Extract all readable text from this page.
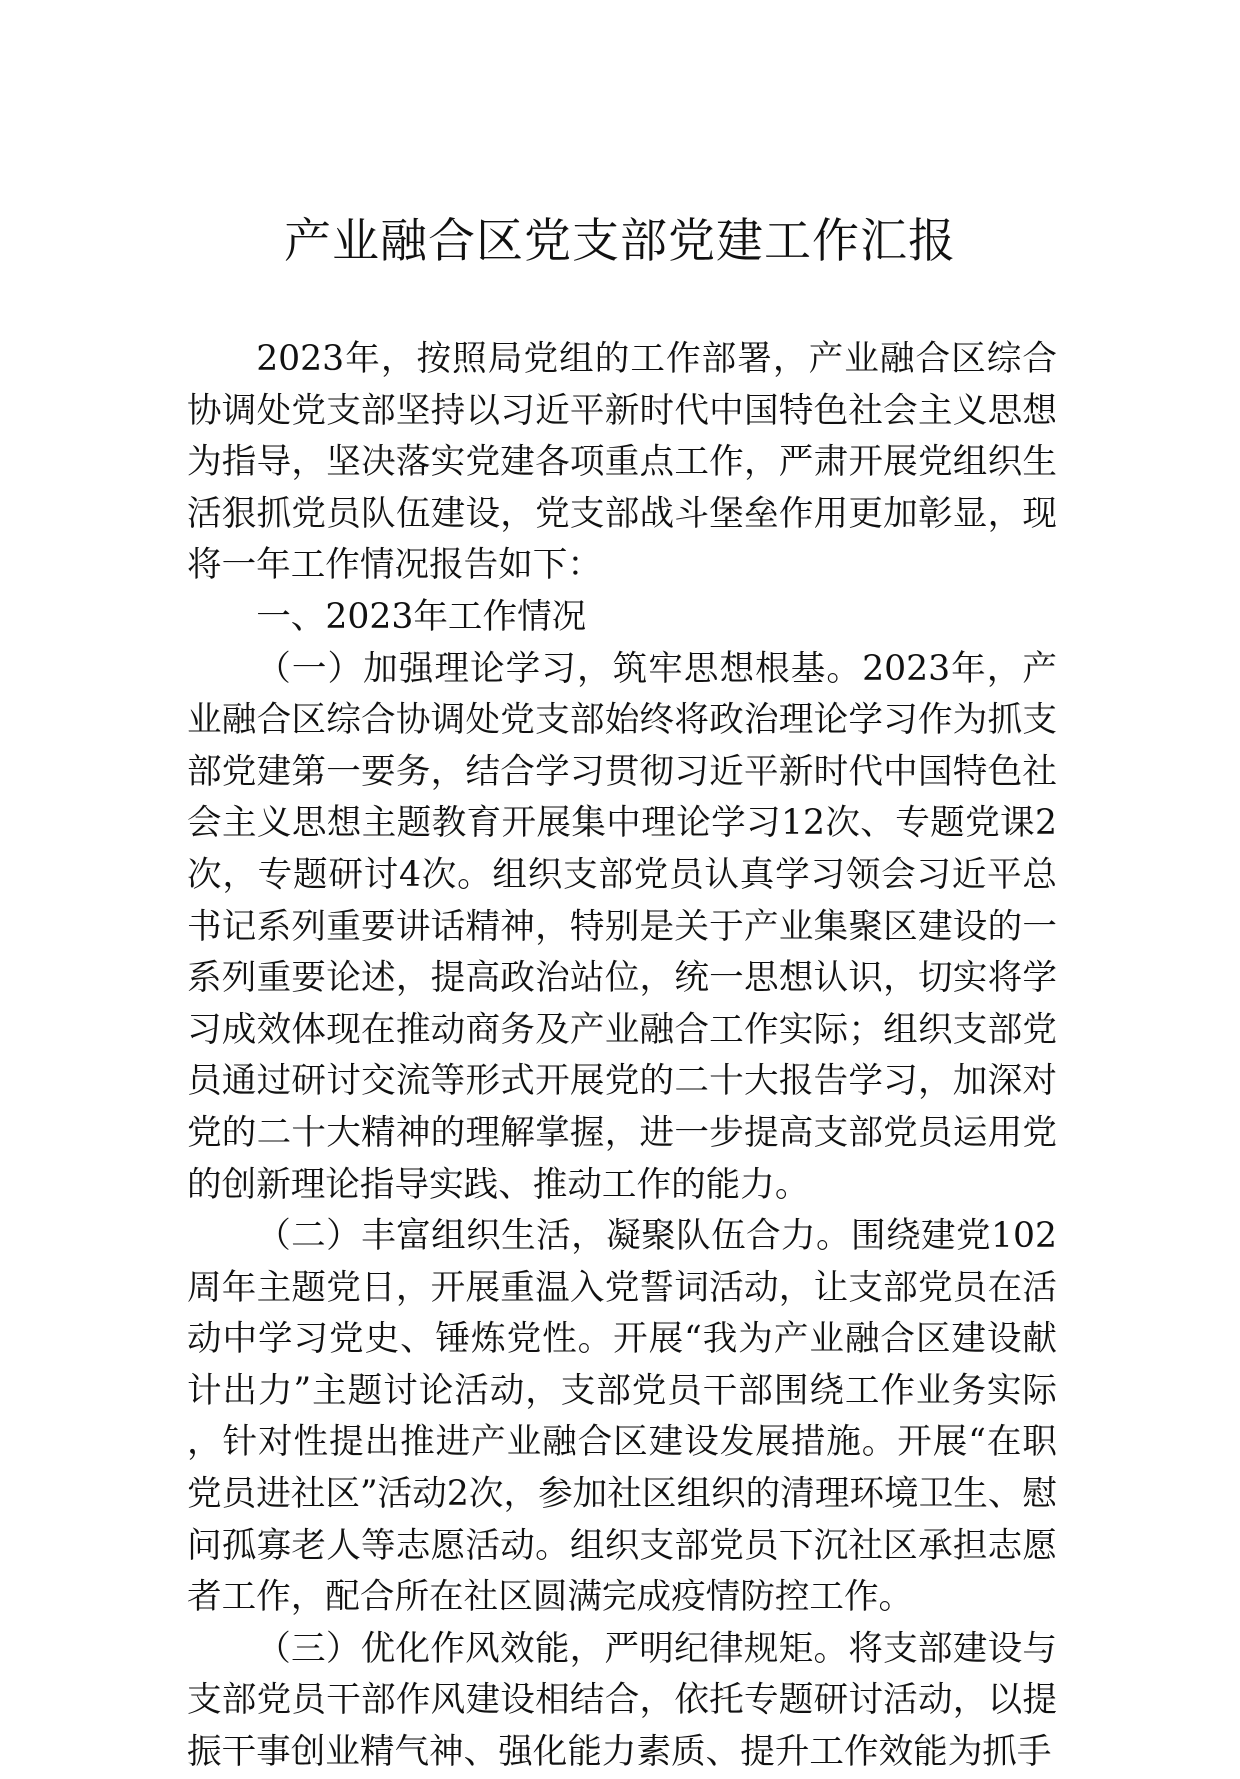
产业融合区党支部党建工作汇报

2023年，按照局党组的工作部署，产业融合区综合协调处党支部坚持以习近平新时代中国特色社会主义思想为指导，坚决落实党建各项重点工作，严肃开展党组织生活狠抓党员队伍建设，党支部战斗堡垒作用更加彰显，现将一年工作情况报告如下：

一、2023年工作情况

（一）加强理论学习，筑牢思想根基。2023年，产业融合区综合协调处党支部始终将政治理论学习作为抓支部党建第一要务，结合学习贯彻习近平新时代中国特色社会主义思想主题教育开展集中理论学习12次、专题党课2次，专题研讨4次。组织支部党员认真学习领会习近平总书记系列重要讲话精神，特别是关于产业集聚区建设的一系列重要论述，提高政治站位，统一思想认识，切实将学习成效体现在推动商务及产业融合工作实际；组织支部党员通过研讨交流等形式开展党的二十大报告学习，加深对党的二十大精神的理解掌握，进一步提高支部党员运用党的创新理论指导实践、推动工作的能力。

（二）丰富组织生活，凝聚队伍合力。围绕建党102周年主题党日，开展重温入党誓词活动，让支部党员在活动中学习党史、锤炼党性。开展“我为产业融合区建设献计出力”主题讨论活动，支部党员干部围绕工作业务实际，针对性提出推进产业融合区建设发展措施。开展“在职党员进社区”活动2次，参加社区组织的清理环境卫生、慰问孤寡老人等志愿活动。组织支部党员下沉社区承担志愿者工作，配合所在社区圆满完成疫情防控工作。

（三）优化作风效能，严明纪律规矩。将支部建设与支部党员干部作风建设相结合，依托专题研讨活动，以提振干事创业精气神、强化能力素质、提升工作效能为抓手
